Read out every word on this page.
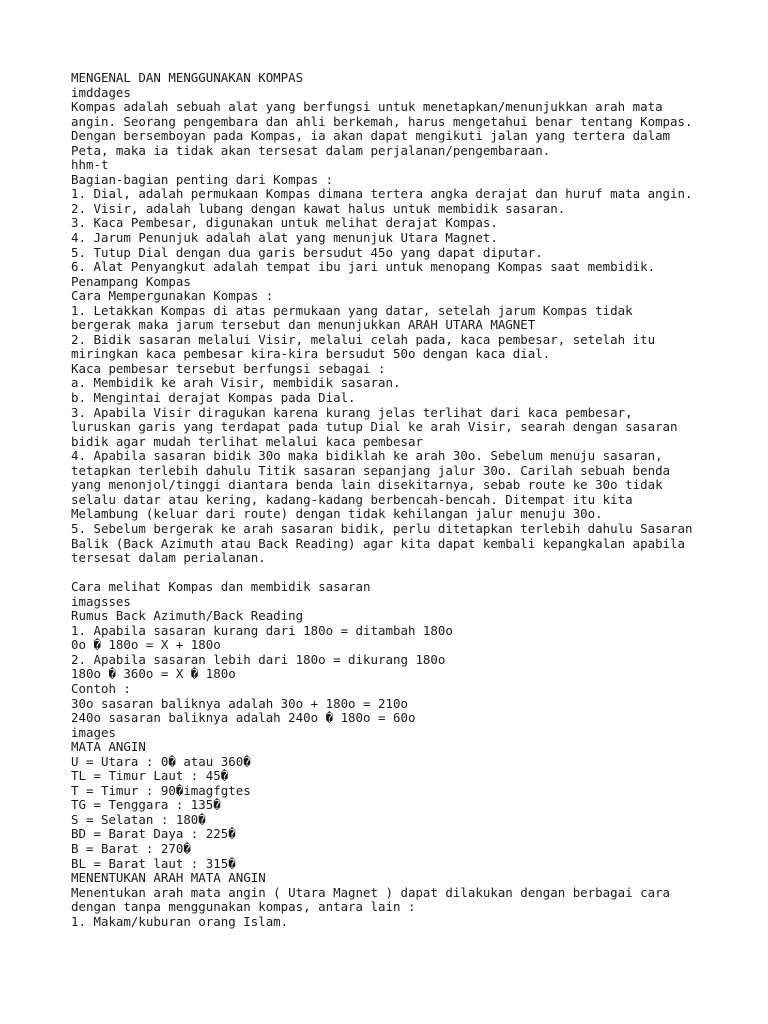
MENGENAL DAN MENGGUNAKAN KOMPAS
imddages
Kompas adalah sebuah alat yang berfungsi untuk menetapkan/menunjukkan arah mata
angin. Seorang pengembara dan ahli berkemah, harus mengetahui benar tentang Kompas.
Dengan bersemboyan pada Kompas, ia akan dapat mengikuti jalan yang tertera dalam
Peta, maka ia tidak akan tersesat dalam perjalanan/pengembaraan.
hhm-t
Bagian-bagian penting dari Kompas :
1. Dial, adalah permukaan Kompas dimana tertera angka derajat dan huruf mata angin.
2. Visir, adalah lubang dengan kawat halus untuk membidik sasaran.
3. Kaca Pembesar, digunakan untuk melihat derajat Kompas.
4. Jarum Penunjuk adalah alat yang menunjuk Utara Magnet.
5. Tutup Dial dengan dua garis bersudut 45o yang dapat diputar.
6. Alat Penyangkut adalah tempat ibu jari untuk menopang Kompas saat membidik.
Penampang Kompas
Cara Mempergunakan Kompas :
1. Letakkan Kompas di atas permukaan yang datar, setelah jarum Kompas tidak
bergerak maka jarum tersebut dan menunjukkan ARAH UTARA MAGNET
2. Bidik sasaran melalui Visir, melalui celah pada, kaca pembesar, setelah itu
miringkan kaca pembesar kira-kira bersudut 50o dengan kaca dial.
Kaca pembesar tersebut berfungsi sebagai :
a. Membidik ke arah Visir, membidik sasaran.
b. Mengintai derajat Kompas pada Dial.
3. Apabila Visir diragukan karena kurang jelas terlihat dari kaca pembesar,
luruskan garis yang terdapat pada tutup Dial ke arah Visir, searah dengan sasaran
bidik agar mudah terlihat melalui kaca pembesar
4. Apabila sasaran bidik 30o maka bidiklah ke arah 30o. Sebelum menuju sasaran,
tetapkan terlebih dahulu Titik sasaran sepanjang jalur 30o. Carilah sebuah benda
yang menonjol/tinggi diantara benda lain disekitarnya, sebab route ke 30o tidak
selalu datar atau kering, kadang-kadang berbencah-bencah. Ditempat itu kita
Melambung (keluar dari route) dengan tidak kehilangan jalur menuju 30o.
5. Sebelum bergerak ke arah sasaran bidik, perlu ditetapkan terlebih dahulu Sasaran
Balik (Back Azimuth atau Back Reading) agar kita dapat kembali kepangkalan apabila
tersesat dalam perialanan.
Cara melihat Kompas dan membidik sasaran
imagsses
Rumus Back Azimuth/Back Reading
1. Apabila sasaran kurang dari 180o = ditambah 180o
0o � 180o = X + 180o
2. Apabila sasaran lebih dari 180o = dikurang 180o
180o � 360o = X � 180o
Contoh :
30o sasaran baliknya adalah 30o + 180o = 210o
240o sasaran baliknya adalah 240o � 180o = 60o
images
MATA ANGIN
U = Utara : 0� atau 360�
TL = Timur Laut : 45�
T = Timur : 90�imagfgtes
TG = Tenggara : 135�
S = Selatan : 180�
BD = Barat Daya : 225�
B = Barat : 270�
BL = Barat laut : 315�
MENENTUKAN ARAH MATA ANGIN
Menentukan arah mata angin ( Utara Magnet ) dapat dilakukan dengan berbagai cara
dengan tanpa menggunakan kompas, antara lain :
1. Makam/kuburan orang Islam.
